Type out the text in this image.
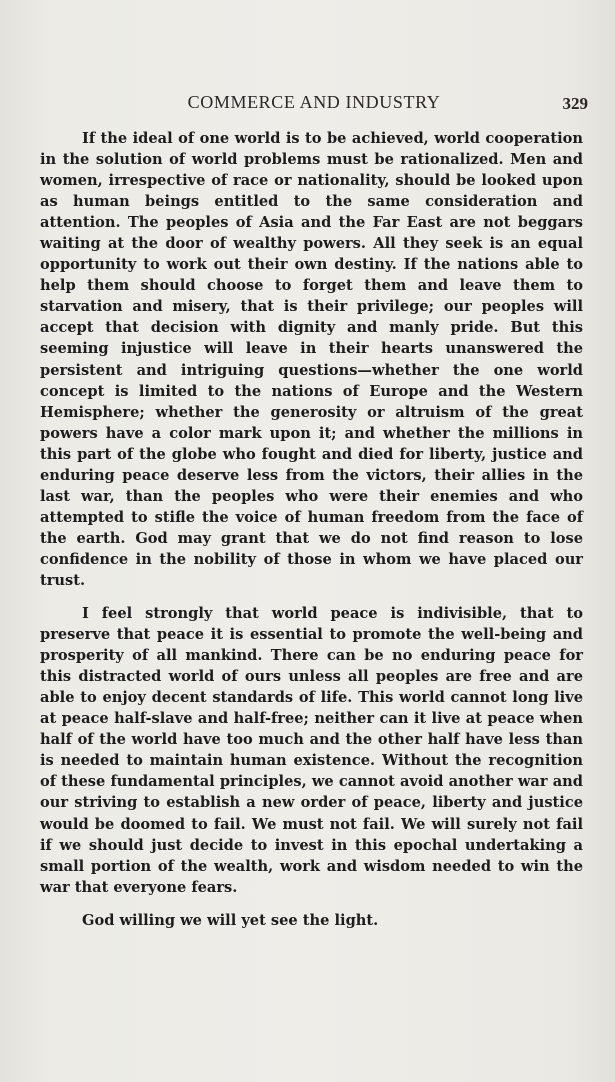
COMMERCE AND INDUSTRY	329

If the ideal of one world is to be achieved, world cooperation in the solution of world problems must be rationalized. Men and women, irrespective of race or nationality, should be looked upon as human beings entitled to the same consideration and attention. The peoples of Asia and the Far East are not beggars waiting at the door of wealthy powers. All they seek is an equal opportunity to work out their own destiny. If the nations able to help them should choose to forget them and leave them to starvation and misery, that is their privilege; our peoples will accept that decision with dignity and manly pride. But this seeming injustice will leave in their hearts unanswered the persistent and intriguing questions—whether the one world concept is limited to the nations of Europe and the Western Hemisphere; whether the generosity or altruism of the great powers have a color mark upon it; and whether the millions in this part of the globe who fought and died for liberty, justice and enduring peace deserve less from the victors, their allies in the last war, than the peoples who were their enemies and who attempted to stifle the voice of human freedom from the face of the earth. God may grant that we do not find reason to lose confidence in the nobility of those in whom we have placed our trust.

I feel strongly that world peace is indivisible, that to preserve that peace it is essential to promote the well-being and prosperity of all mankind. There can be no enduring peace for this distracted world of ours unless all peoples are free and are able to enjoy decent standards of life. This world cannot long live at peace half-slave and half-free; neither can it live at peace when half of the world have too much and the other half have less than is needed to maintain human existence. Without the recognition of these fundamental principles, we cannot avoid another war and our striving to establish a new order of peace, liberty and justice would be doomed to fail. We must not fail. We will surely not fail if we should just decide to invest in this epochal undertaking a small portion of the wealth, work and wisdom needed to win the war that everyone fears.

God willing we will yet see the light.
